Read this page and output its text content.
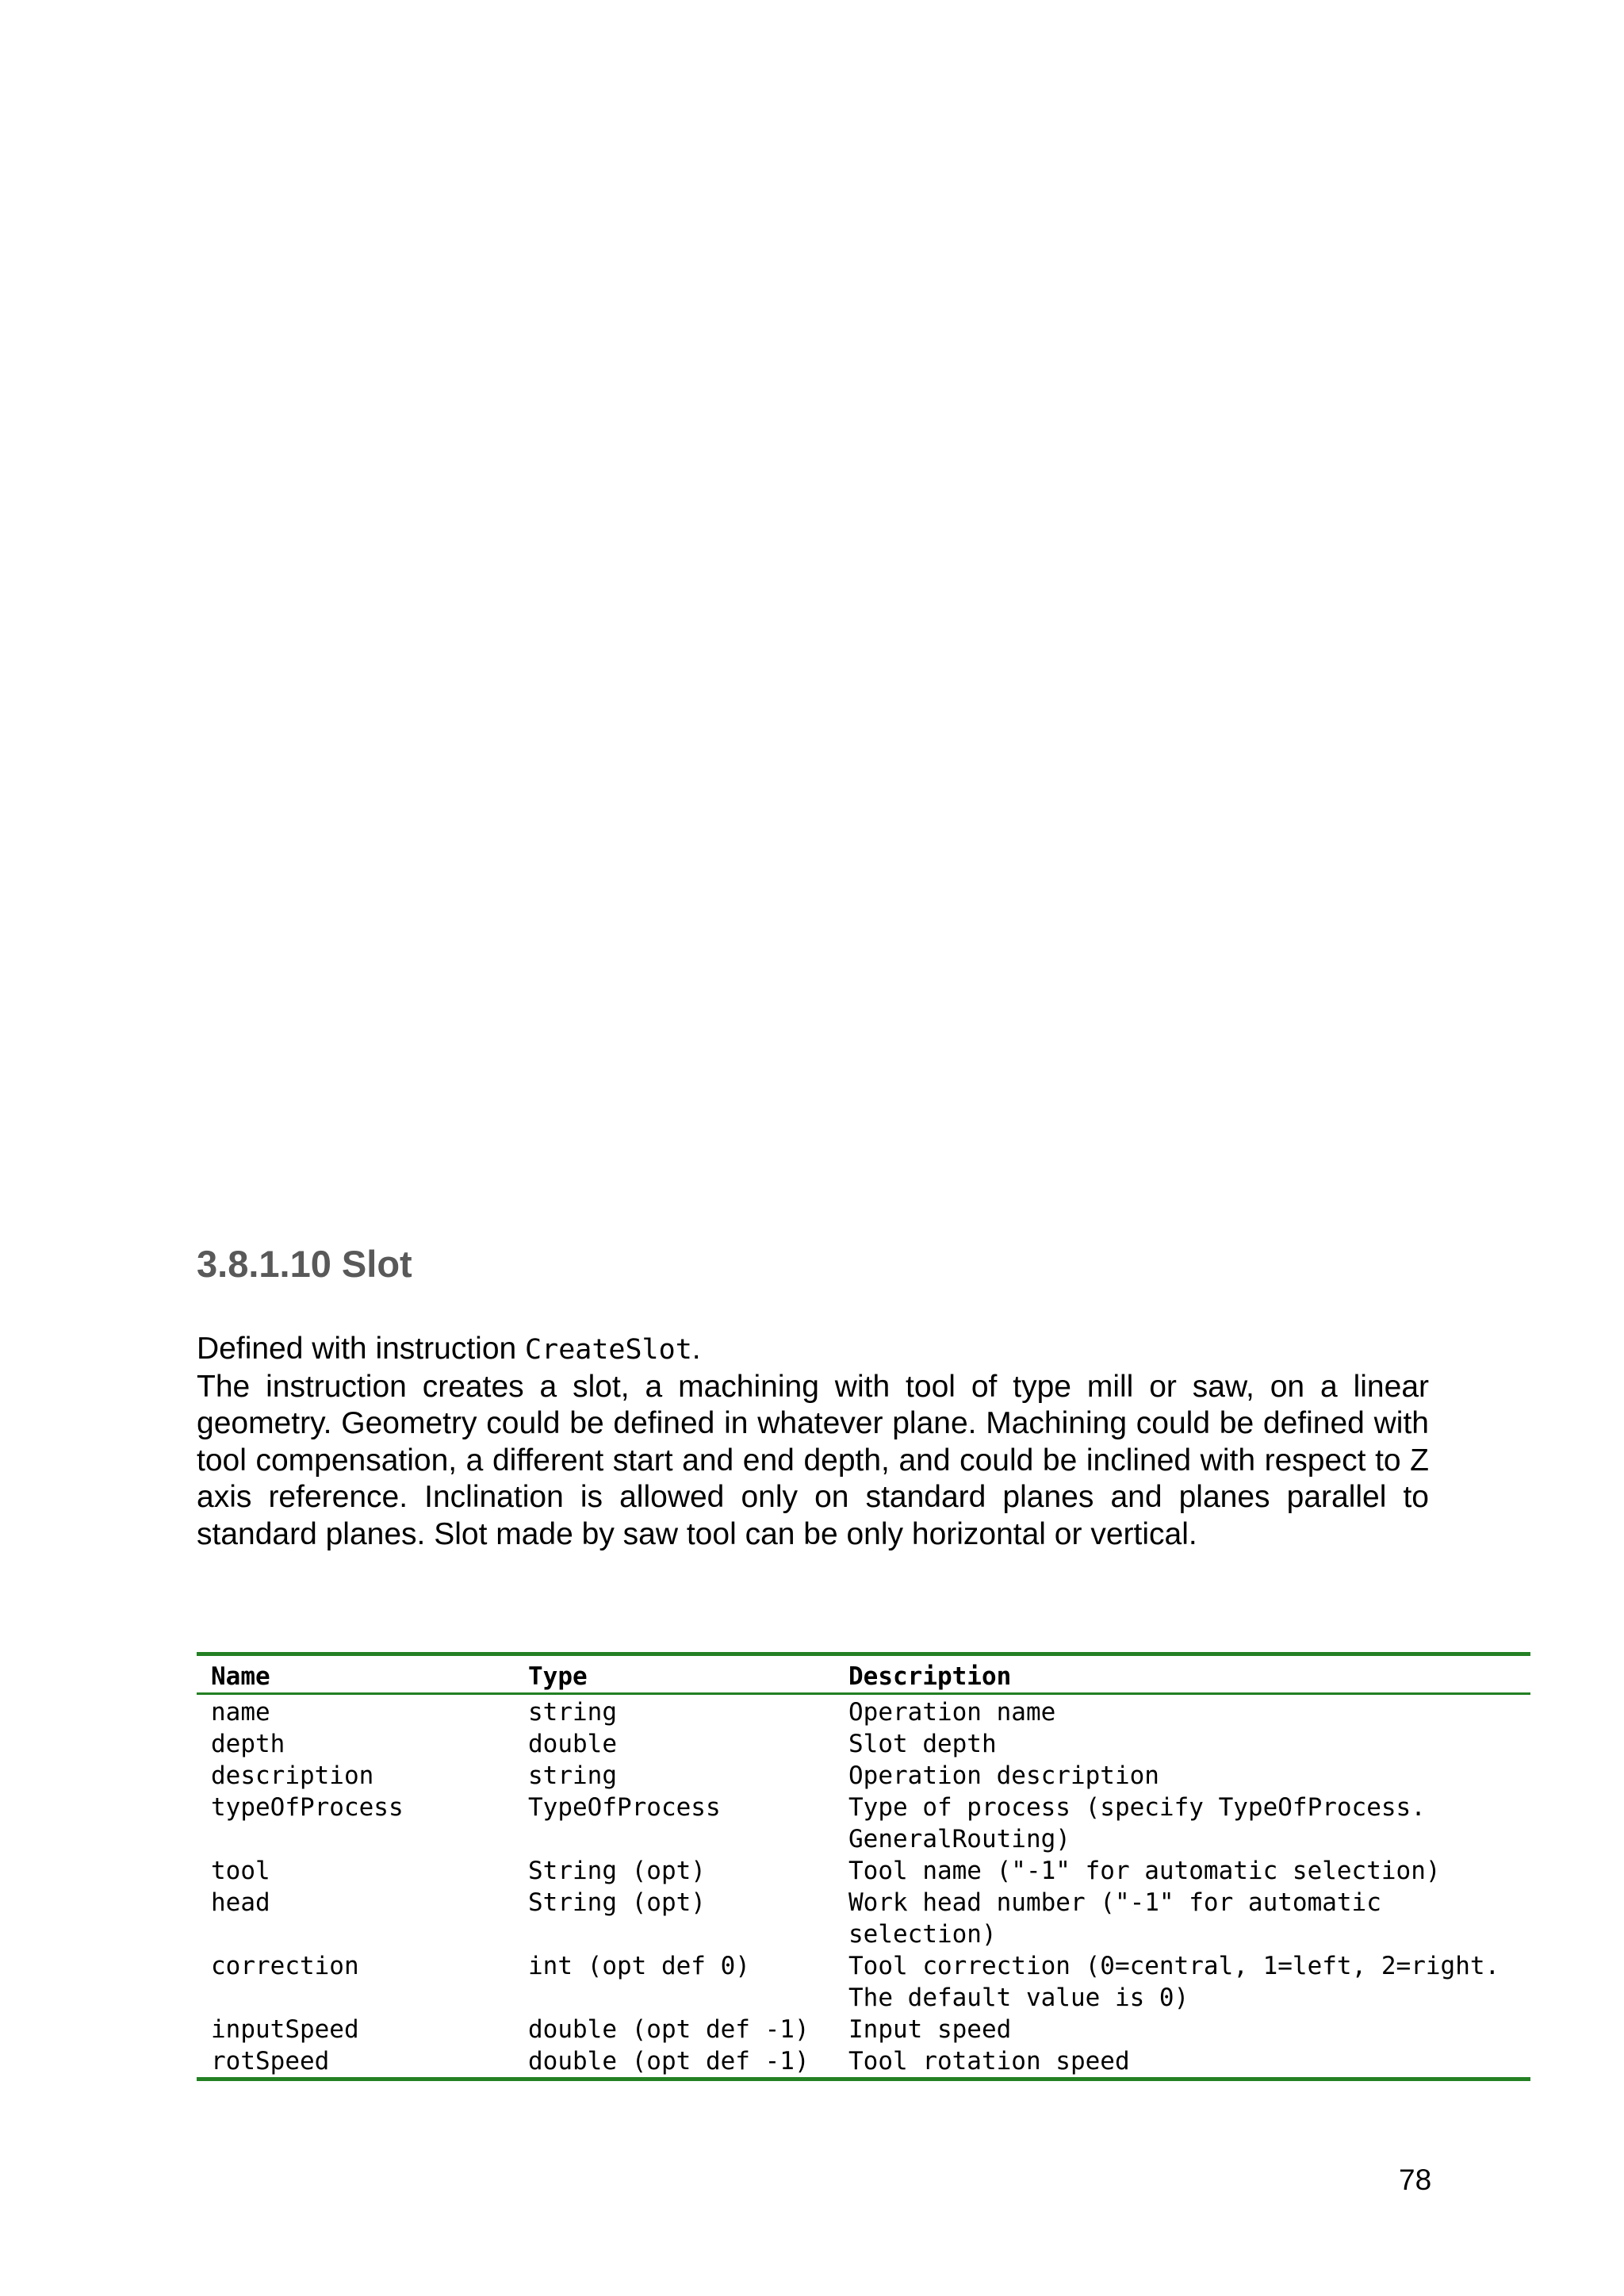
3.8.1.10 Slot
Defined with instruction CreateSlot.
The instruction creates a slot, a machining with tool of type mill or saw, on a linear geometry. Geometry could be defined in whatever plane. Machining could be defined with tool compensation, a different start and end depth, and could be inclined with respect to Z axis reference. Inclination is allowed only on standard planes and planes parallel to standard planes. Slot made by saw tool can be only horizontal or vertical.
Name	Type	Description
name	string	Operation name
depth	double	Slot depth
description	string	Operation description
typeOfProcess	TypeOfProcess	Type of process (specify TypeOfProcess. GeneralRouting)
tool	String (opt)	Tool name ("-1" for automatic selection)
head	String (opt)	Work head number ("-1" for automatic selection)
correction	int (opt def 0)	Tool correction (0=central, 1=left, 2=right. The default value is 0)
inputSpeed	double (opt def -1)	Input speed
rotSpeed	double (opt def -1)	Tool rotation speed
78
